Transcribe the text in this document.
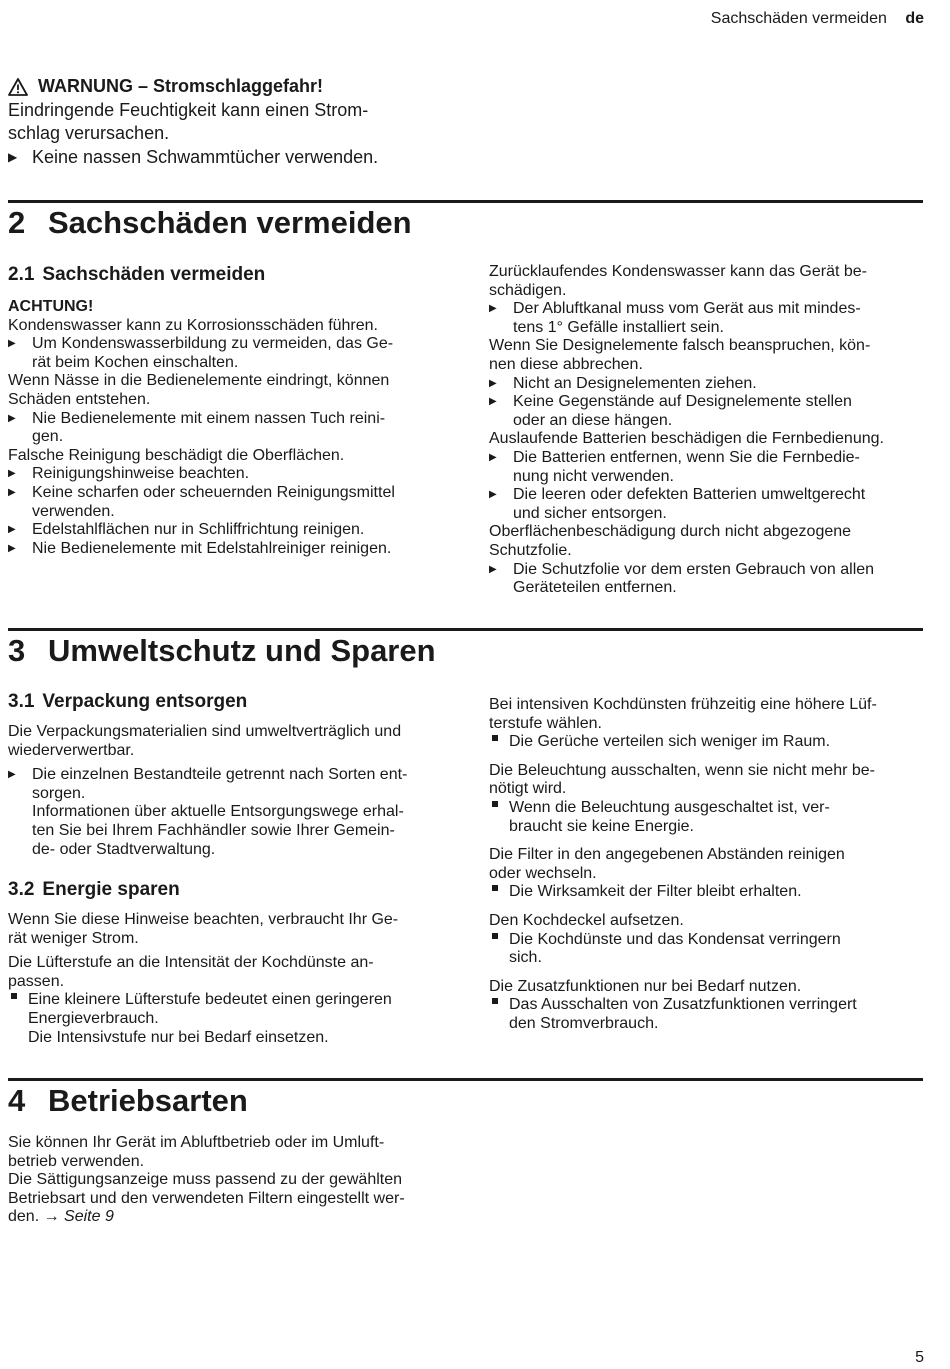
Sachschäden vermeiden de
WARNUNG – Stromschlaggefahr!
Eindringende Feuchtigkeit kann einen Strom-
schlag verursachen.
▶ Keine nassen Schwammtücher verwenden.
2 Sachschäden vermeiden
2.1 Sachschäden vermeiden

ACHTUNG!

Kondenswasser kann zu Korrosionsschäden führen.

▶	Um Kondenswasserbildung zu vermeiden, das Ge-
rät beim Kochen einschalten.

Wenn Nässe in die Bedienelemente eindringt, können

Schäden entstehen.

▶	Nie Bedienelemente mit einem nassen Tuch reini-
gen.

Falsche Reinigung beschädigt die Oberflächen.

▶	Reinigungshinweise beachten.
▶	Keine scharfen oder scheuernden Reinigungsmittel
verwenden.
▶	Edelstahlflächen nur in Schliffrichtung reinigen.
▶	Nie Bedienelemente mit Edelstahlreiniger reinigen.

Zurücklaufendes Kondenswasser kann das Gerät be-

schädigen.

▶	Der Abluftkanal muss vom Gerät aus mit mindes-
tens 1° Gefälle installiert sein.

Wenn Sie Designelemente falsch beanspruchen, kön-

nen diese abbrechen.

▶	Nicht an Designelementen ziehen.
▶	Keine Gegenstände auf Designelemente stellen
oder an diese hängen.

Auslaufende Batterien beschädigen die Fernbedienung.

▶	Die Batterien entfernen, wenn Sie die Fernbedie-
nung nicht verwenden.
▶	Die leeren oder defekten Batterien umweltgerecht
und sicher entsorgen.

Oberflächenbeschädigung durch nicht abgezogene

Schutzfolie.

▶	Die Schutzfolie vor dem ersten Gebrauch von allen
Geräteteilen entfernen.
3 Umweltschutz und Sparen
3.1 Verpackung entsorgen

Die Verpackungsmaterialien sind umweltverträglich und

wiederverwertbar.

▶	Die einzelnen Bestandteile getrennt nach Sorten ent-
sorgen.
Informationen über aktuelle Entsorgungswege erhal-
ten Sie bei Ihrem Fachhändler sowie Ihrer Gemein-
de- oder Stadtverwaltung.
3.2 Energie sparen

Wenn Sie diese Hinweise beachten, verbraucht Ihr Ge-

rät weniger Strom.

Die Lüfterstufe an die Intensität der Kochdünste an-

passen.

Eine kleinere Lüfterstufe bedeutet einen geringeren
Energieverbrauch.
Die Intensivstufe nur bei Bedarf einsetzen.

Bei intensiven Kochdünsten frühzeitig eine höhere Lüf-

terstufe wählen.

Die Gerüche verteilen sich weniger im Raum.

Die Beleuchtung ausschalten, wenn sie nicht mehr be-

nötigt wird.

Wenn die Beleuchtung ausgeschaltet ist, ver-
braucht sie keine Energie.

Die Filter in den angegebenen Abständen reinigen

oder wechseln.

Die Wirksamkeit der Filter bleibt erhalten.

Den Kochdeckel aufsetzen.

Die Kochdünste und das Kondensat verringern
sich.

Die Zusatzfunktionen nur bei Bedarf nutzen.

Das Ausschalten von Zusatzfunktionen verringert
den Stromverbrauch.
4 Betriebsarten

Sie können Ihr Gerät im Abluftbetrieb oder im Umluft-

betrieb verwenden.

Die Sättigungsanzeige muss passend zu der gewählten

Betriebsart und den verwendeten Filtern eingestellt wer-

den. → Seite 9

5
